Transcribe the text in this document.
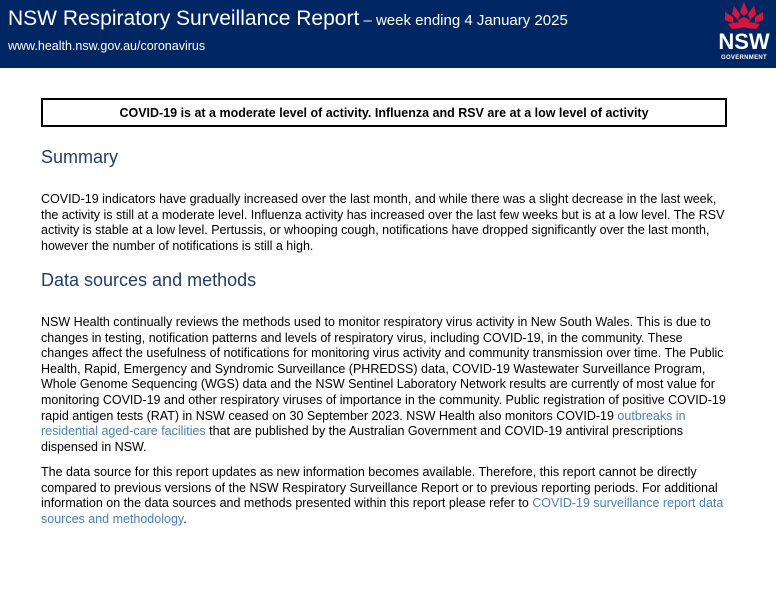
NSW Respiratory Surveillance Report – week ending 4 January 2025
www.health.nsw.gov.au/coronavirus	NSW
GOVERNMENT
COVID-19 is at a moderate level of activity. Influenza and RSV are at a low level of activity
Summary

COVID-19 indicators have gradually increased over the last month, and while there was a slight decrease in the last week, the activity is still at a moderate level. Influenza activity has increased over the last few weeks but is at a low level. The RSV activity is stable at a low level. Pertussis, or whooping cough, notifications have dropped significantly over the last month, however the number of notifications is still a high.

Data sources and methods

NSW Health continually reviews the methods used to monitor respiratory virus activity in New South Wales. This is due to changes in testing, notification patterns and levels of respiratory virus, including COVID-19, in the community. These changes affect the usefulness of notifications for monitoring virus activity and community transmission over time. The Public Health, Rapid, Emergency and Syndromic Surveillance (PHREDSS) data, COVID-19 Wastewater Surveillance Program, Whole Genome Sequencing (WGS) data and the NSW Sentinel Laboratory Network results are currently of most value for monitoring COVID-19 and other respiratory viruses of importance in the community. Public registration of positive COVID-19 rapid antigen tests (RAT) in NSW ceased on 30 September 2023. NSW Health also monitors COVID-19 outbreaks in residential aged-care facilities that are published by the Australian Government and COVID-19 antiviral prescriptions dispensed in NSW.

The data source for this report updates as new information becomes available. Therefore, this report cannot be directly compared to previous versions of the NSW Respiratory Surveillance Report or to previous reporting periods. For additional information on the data sources and methods presented within this report please refer to COVID-19 surveillance report data sources and methodology.
